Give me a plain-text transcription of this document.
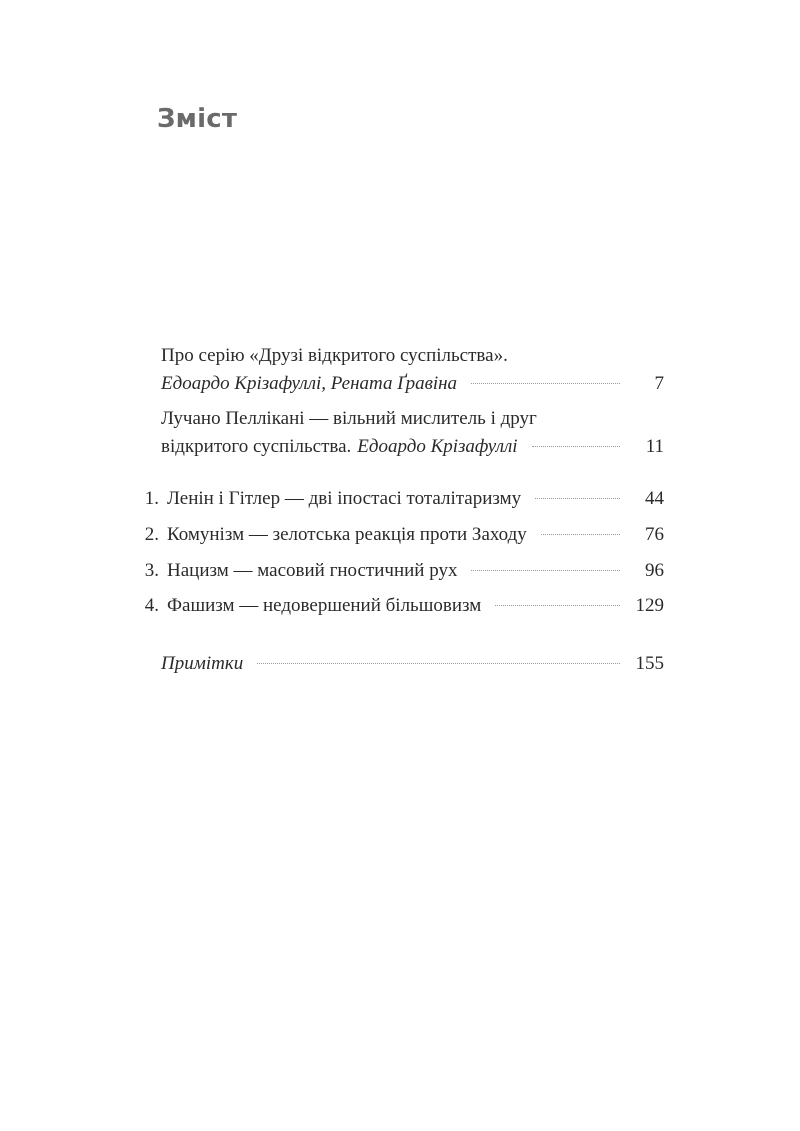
Зміст
Про серію «Друзі відкритого суспільства».
Едоардо Крізафуллі, Рената Ґравіна	7
Лучано Пеллікані — вільний мислитель і друг
відкритого суспільства. Едоардо Крізафуллі	11
1. Ленін і Гітлер — дві іпостасі тоталітаризму	44
2. Комунізм — зелотська реакція проти Заходу	76
3. Нацизм — масовий гностичний рух	96
4. Фашизм — недовершений більшовизм	129
Примітки	155
